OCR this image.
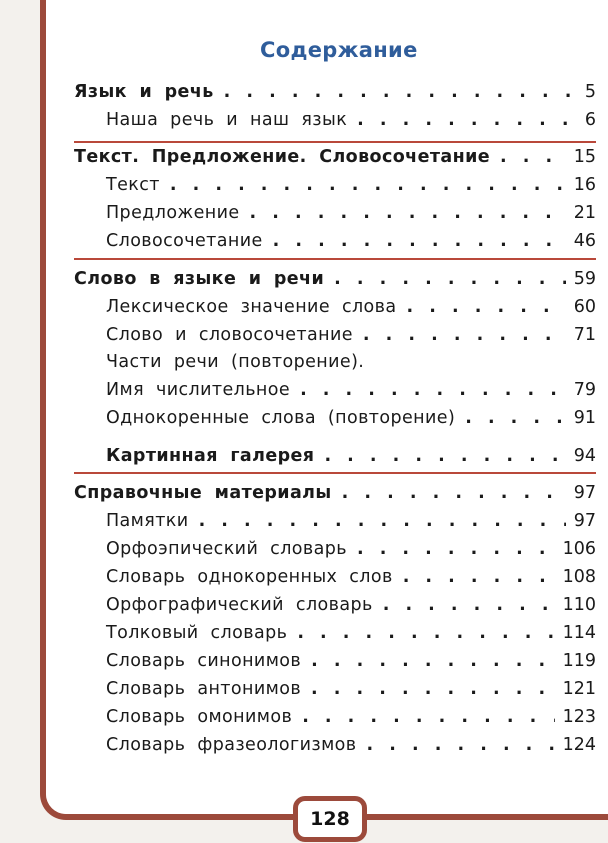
Содержание
Язык и речь . . .	5
Наша речь и наш язык . . .	6
Текст. Предложение. Словосочетание . . .	15
Текст . . .	16
Предложение . . .	21
Словосочетание . . .	46
Слово в языке и речи . . .	59
Лексическое значение слова . . .	60
Слово и словосочетание . . .	71
Части речи (повторение).
Имя числительное . . .	79
Однокоренные слова (повторение) . . .	91
Картинная галерея . . .	94
Справочные материалы . . .	97
Памятки . . .	97
Орфоэпический словарь . . .	106
Словарь однокоренных слов . . .	108
Орфографический словарь . . .	110
Толковый словарь . . .	114
Словарь синонимов . . .	119
Словарь антонимов . . .	121
Словарь омонимов . . .	123
Словарь фразеологизмов . . .	124
128
